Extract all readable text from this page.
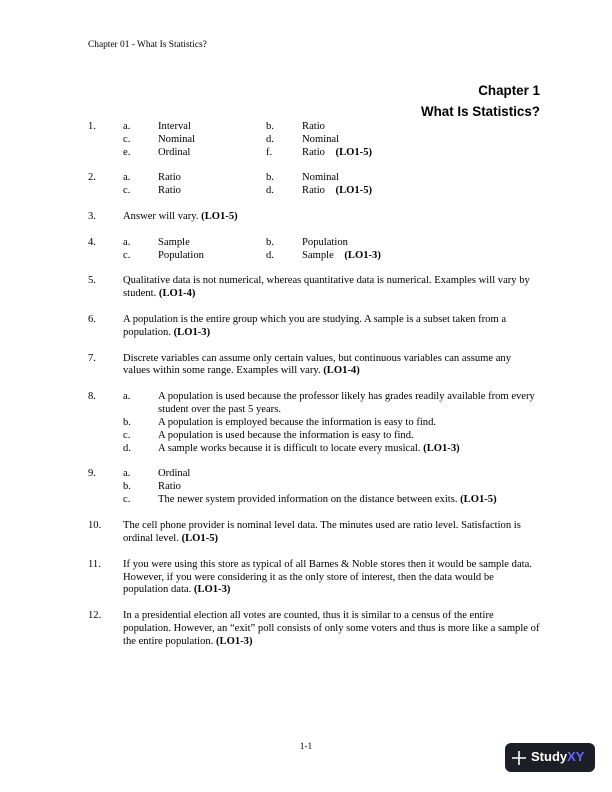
Chapter 01 - What Is Statistics?
Chapter 1
What Is Statistics?
1.	a.	Interval	b.	Ratio
c.	Nominal	d.	Nominal
e.	Ordinal	f.	Ratio  (LO1-5)
2.	a.	Ratio	b.	Nominal
c.	Ratio	d.	Ratio  (LO1-5)
3.	Answer will vary. (LO1-5)
4.	a.	Sample	b.	Population
c.	Population	d.	Sample  (LO1-3)
5.	Qualitative data is not numerical, whereas quantitative data is numerical. Examples will vary by student. (LO1-4)
6.	A population is the entire group which you are studying. A sample is a subset taken from a population. (LO1-3)
7.	Discrete variables can assume only certain values, but continuous variables can assume any values within some range. Examples will vary. (LO1-4)
8.	a.	A population is used because the professor likely has grades readily available from every student over the past 5 years.
b.	A population is employed because the information is easy to find.
c.	A population is used because the information is easy to find.
d.	A sample works because it is difficult to locate every musical. (LO1-3)
9.	a.	Ordinal
b.	Ratio
c.	The newer system provided information on the distance between exits. (LO1-5)
10. The cell phone provider is nominal level data. The minutes used are ratio level. Satisfaction is ordinal level. (LO1-5)
11. If you were using this store as typical of all Barnes & Noble stores then it would be sample data. However, if you were considering it as the only store of interest, then the data would be population data. (LO1-3)
12. In a presidential election all votes are counted, thus it is similar to a census of the entire population. However, an “exit” poll consists of only some voters and thus is more like a sample of the entire population. (LO1-3)
1-1
Study XY
